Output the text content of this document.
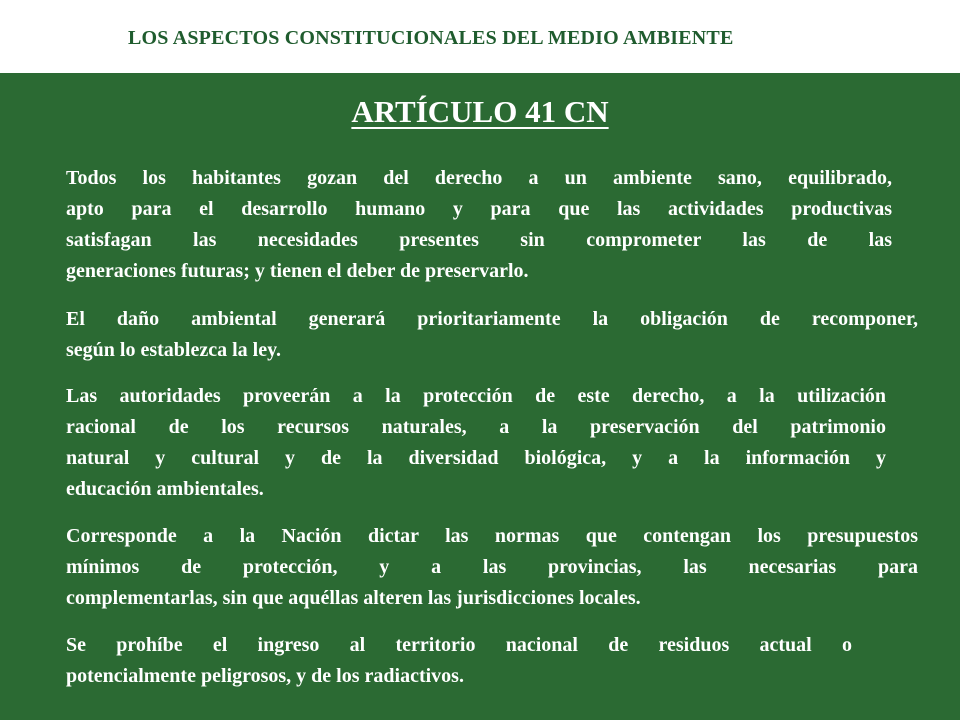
LOS ASPECTOS CONSTITUCIONALES DEL MEDIO AMBIENTE
ARTÍCULO 41 CN
Todos los habitantes gozan del derecho a un ambiente sano, equilibrado,
apto para el desarrollo humano y para que las actividades productivas
satisfagan las necesidades presentes sin comprometer las de las
generaciones futuras; y tienen el deber de preservarlo.
El daño ambiental generará prioritariamente la obligación de recomponer,
según lo establezca la ley.
Las autoridades proveerán a la protección de este derecho, a la utilización
racional de los recursos naturales, a la preservación del patrimonio
natural y cultural y de la diversidad biológica, y a la información y
educación ambientales.
Corresponde a la Nación dictar las normas que contengan los presupuestos
mínimos de protección, y a las provincias, las necesarias para
complementarlas, sin que aquéllas alteren las jurisdicciones locales.
Se prohíbe el ingreso al territorio nacional de residuos actual o
potencialmente peligrosos, y de los radiactivos.
